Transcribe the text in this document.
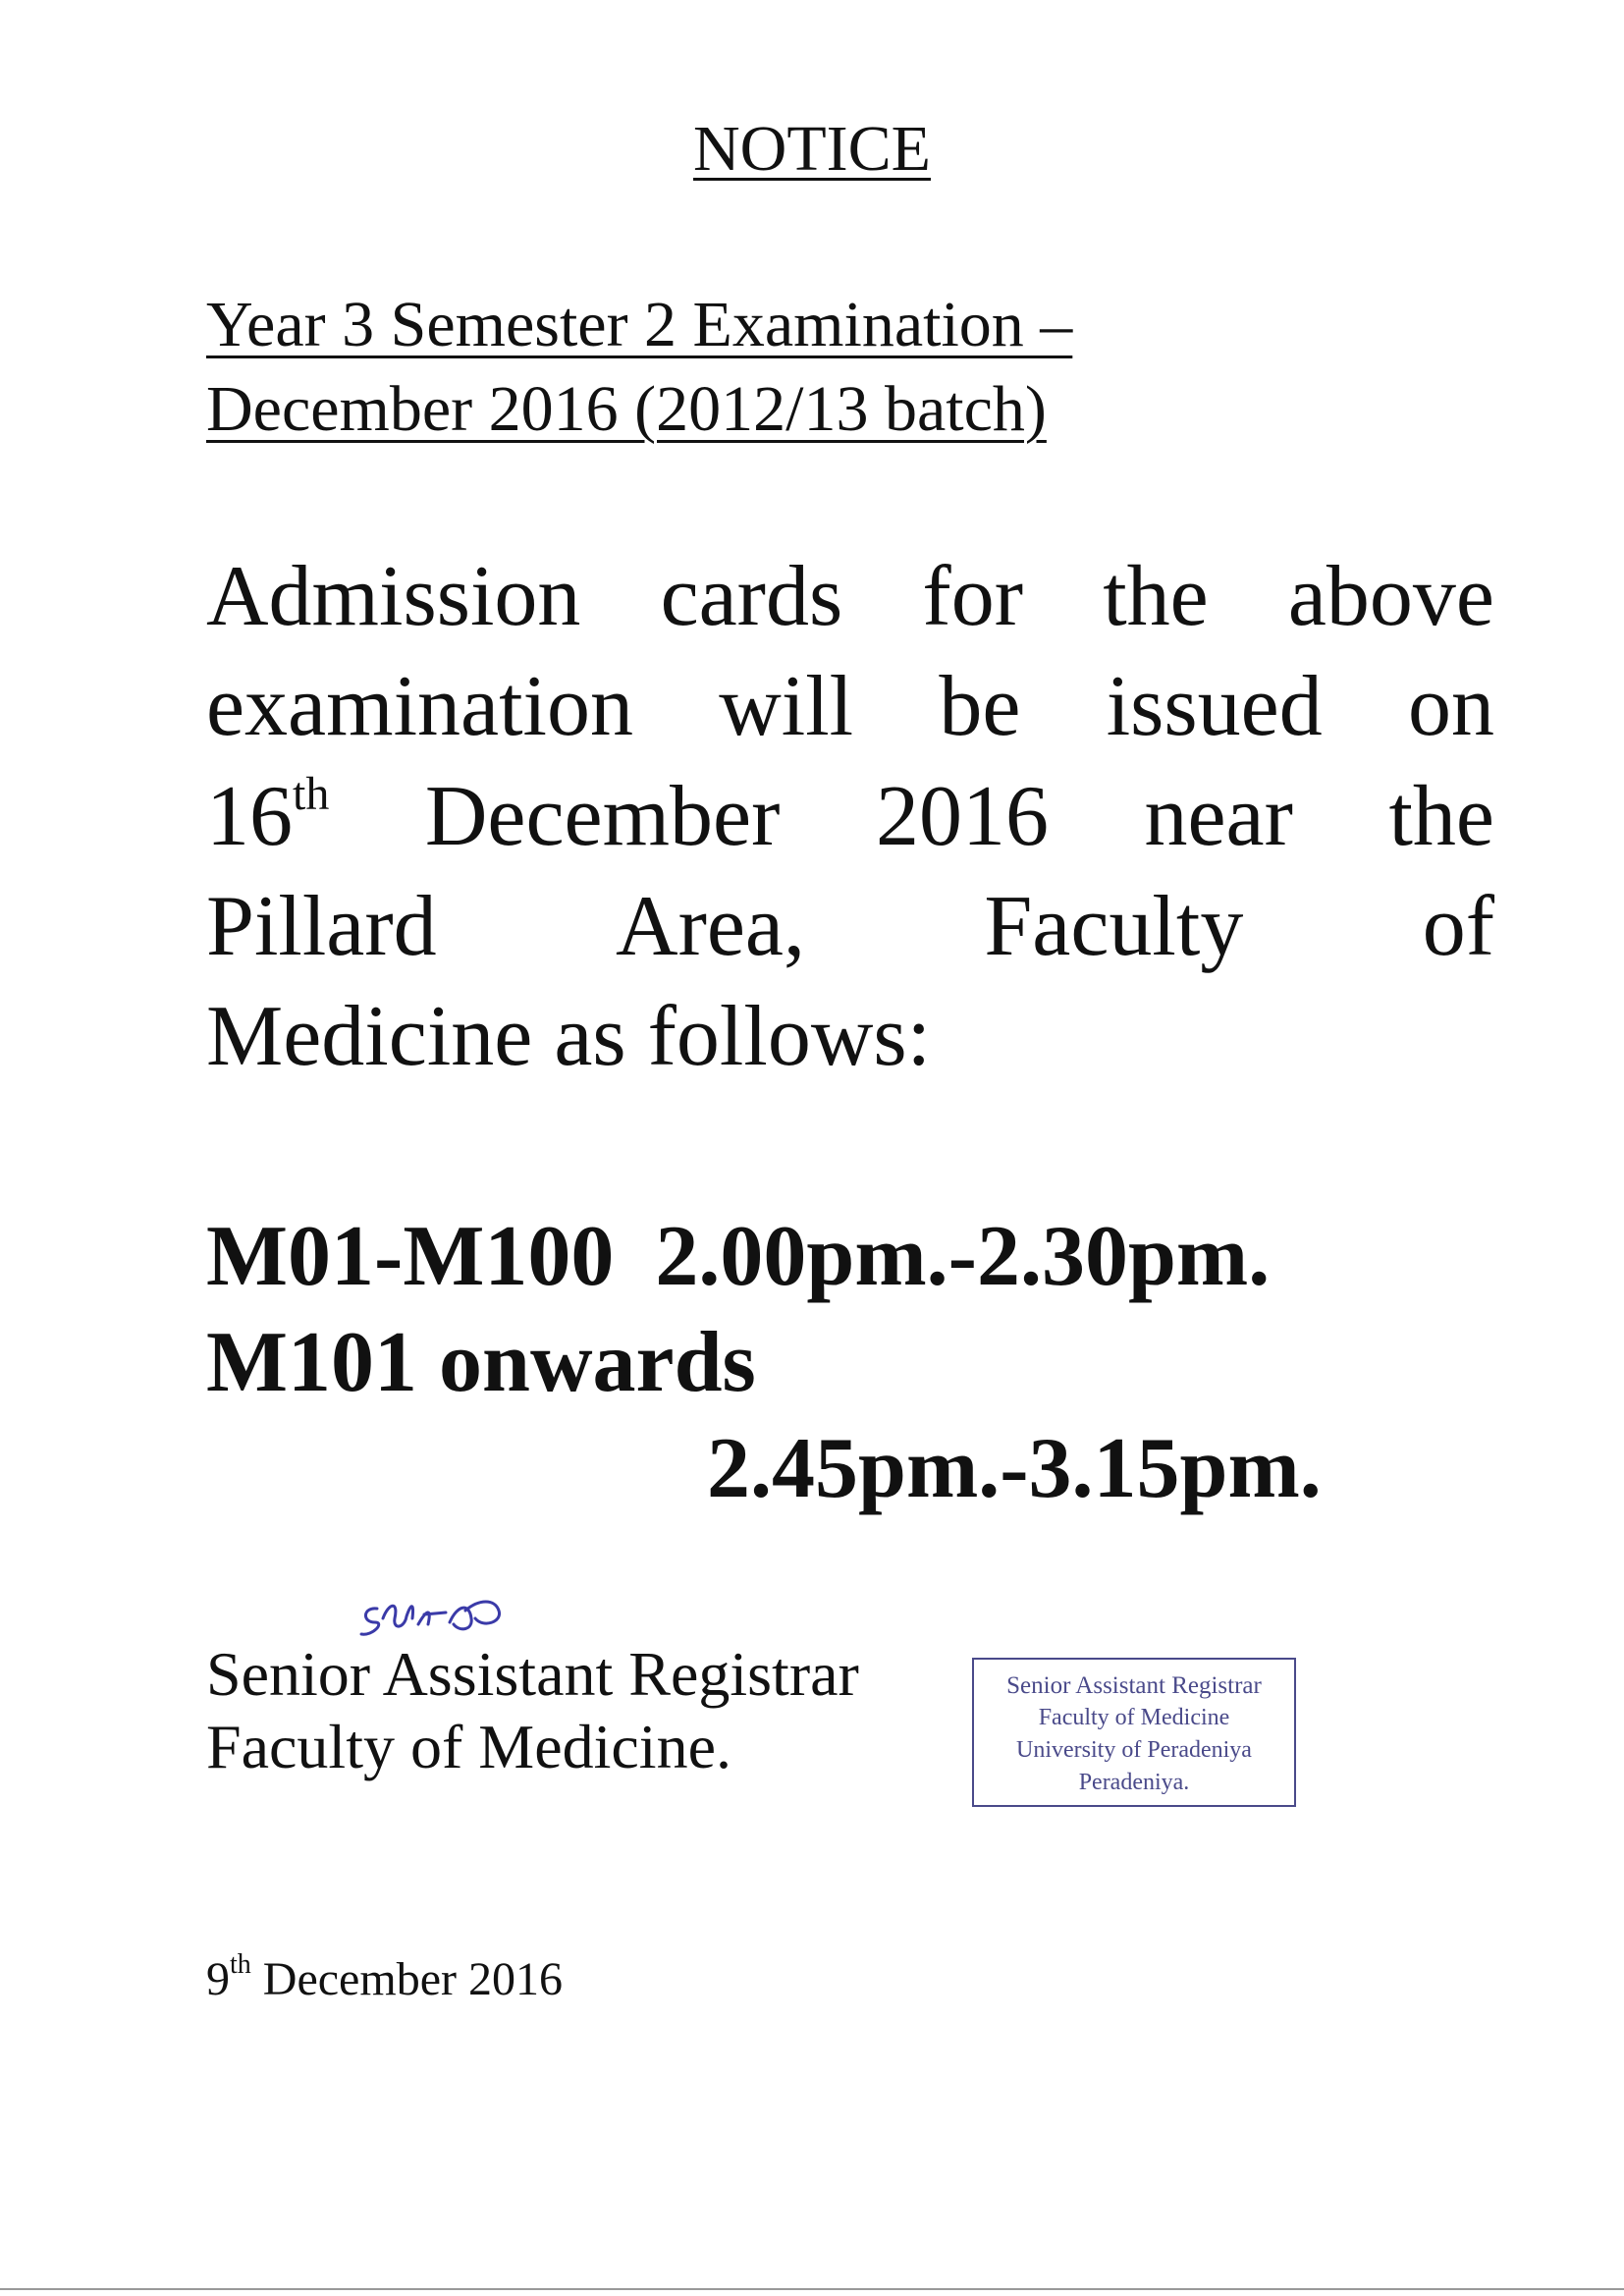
NOTICE
Year 3 Semester 2 Examination –
December 2016 (2012/13 batch)
Admission cards for the above
examination will be issued on
16th December 2016 near the
Pillard Area, Faculty of
Medicine as follows:
M01-M100 2.00pm.-2.30pm.
M101 onwards
2.45pm.-3.15pm.
Senior Assistant Registrar
Faculty of Medicine.
Senior Assistant Registrar
Faculty of Medicine
University of Peradeniya
Peradeniya.
9th December 2016
